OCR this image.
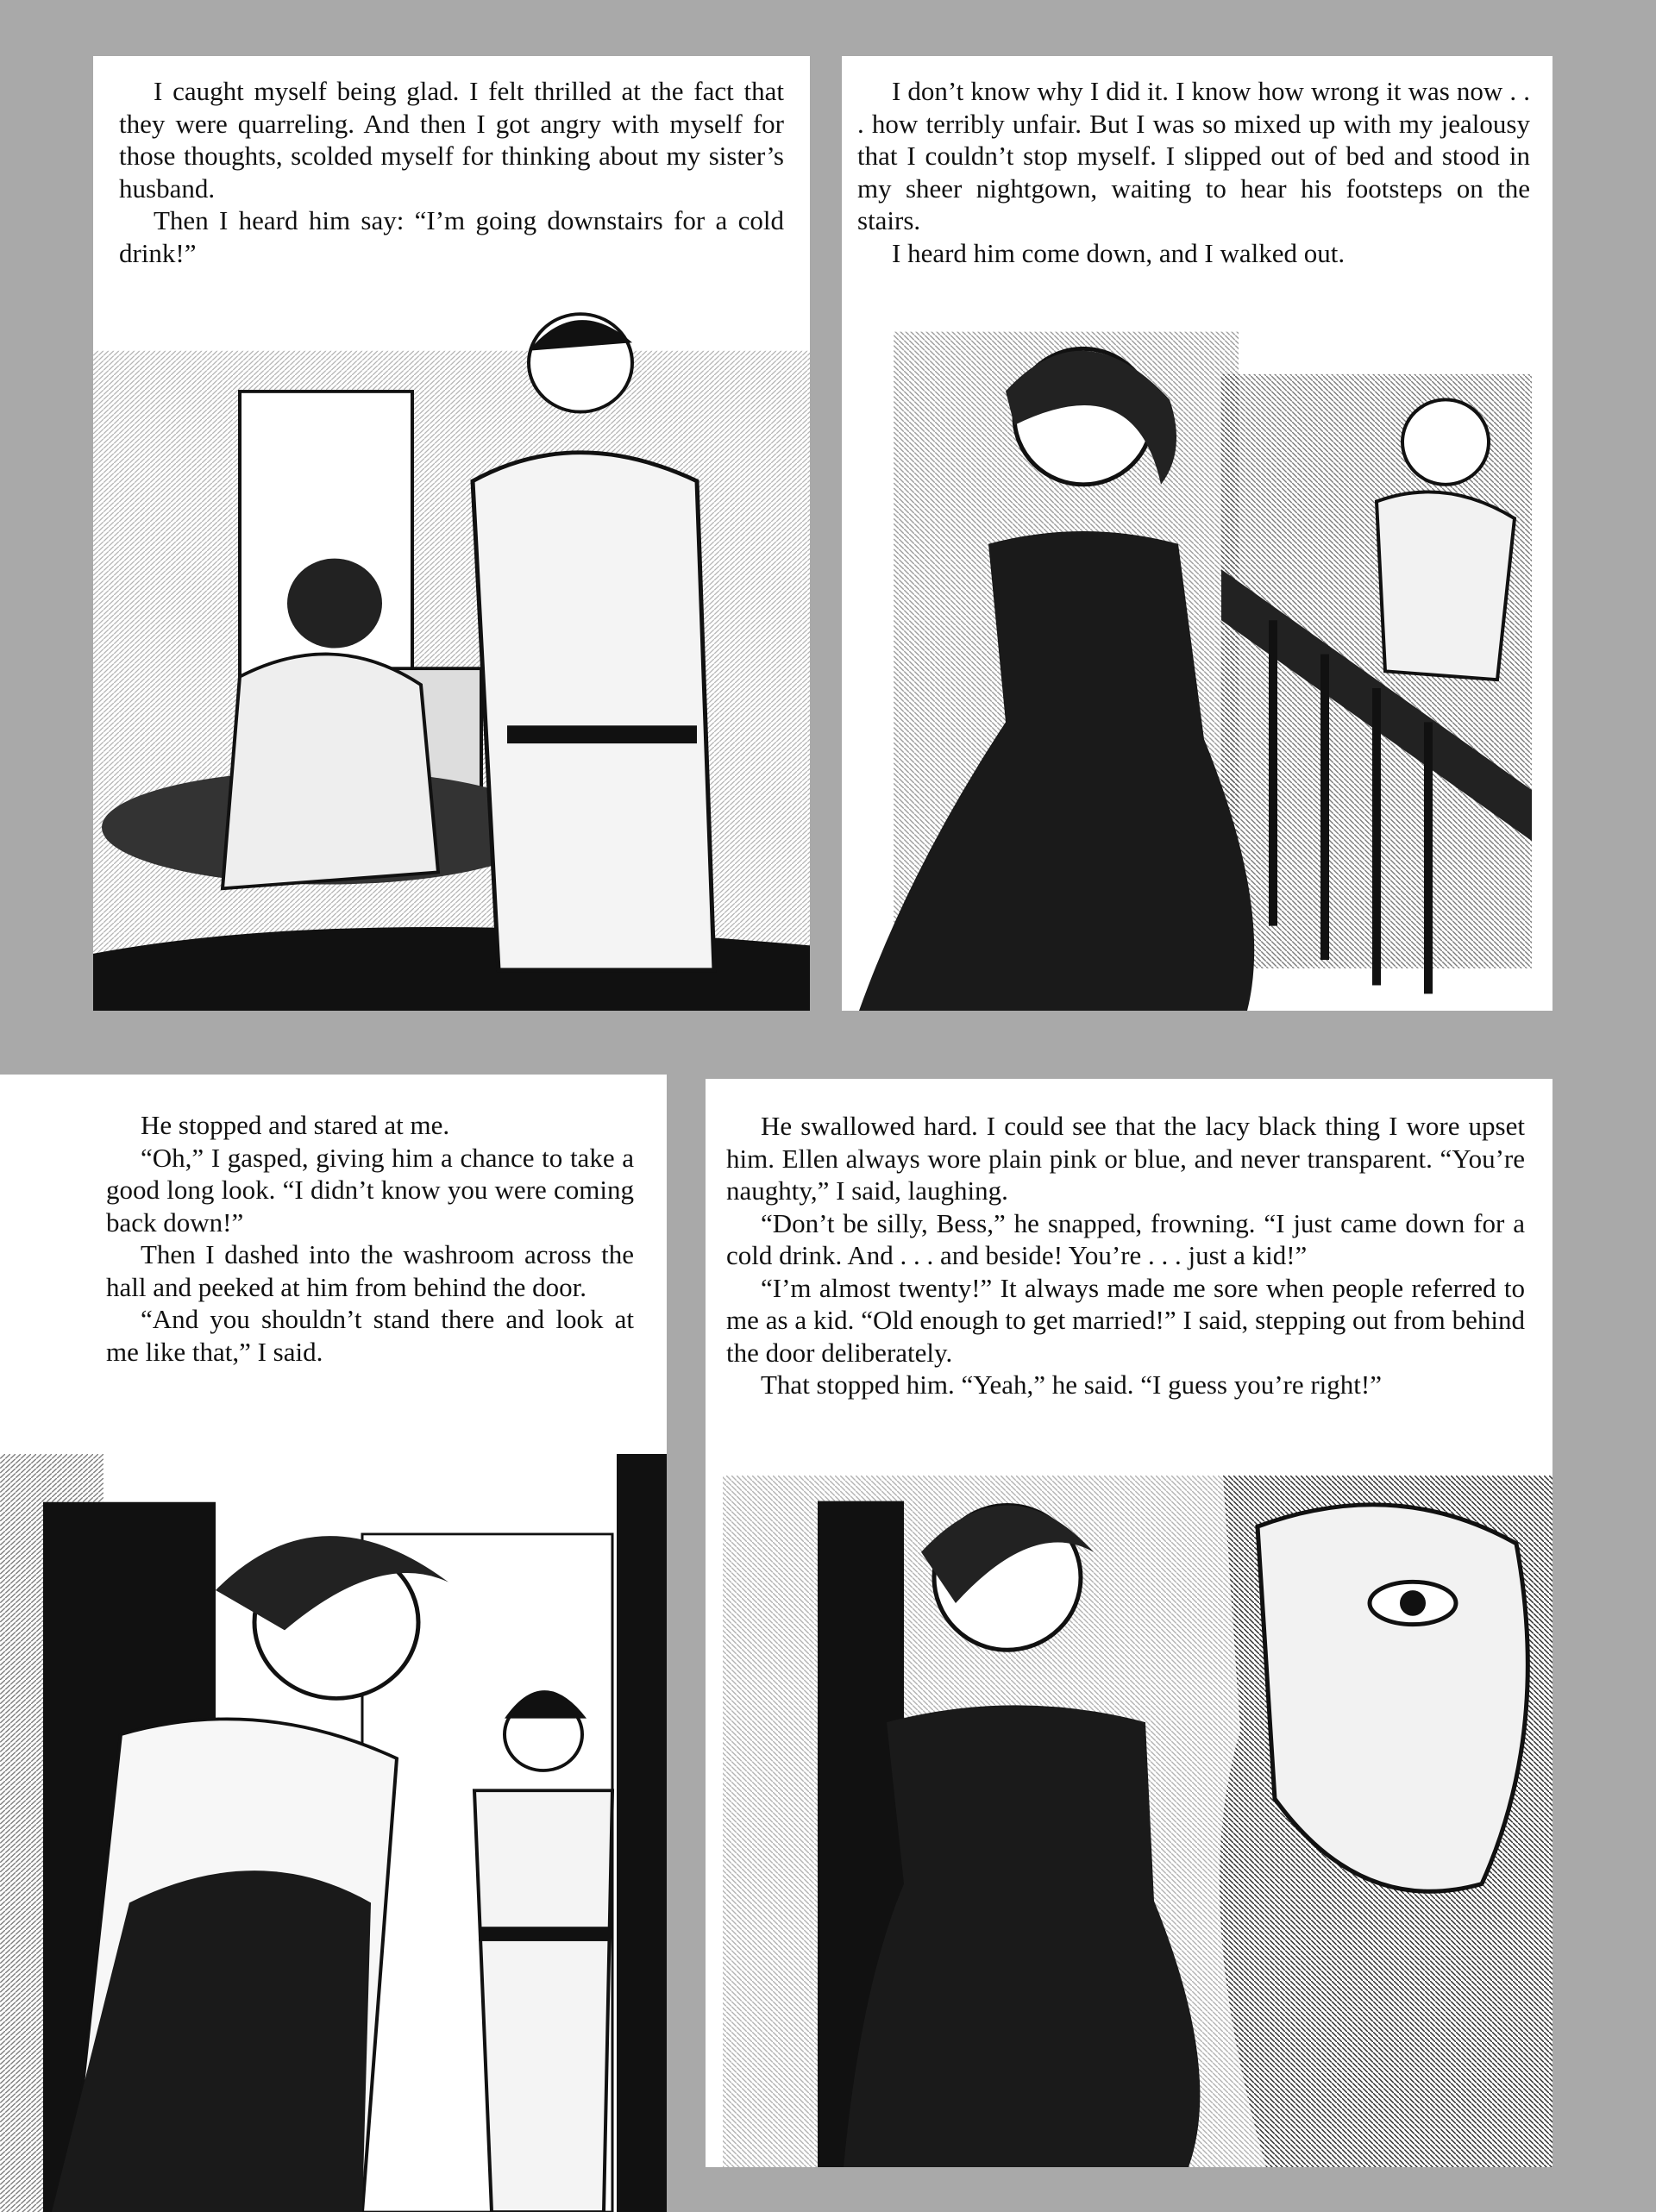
I caught myself being glad. I felt thrilled at the fact that they were quarreling. And then I got angry with myself for those thoughts, scolded myself for thinking about my sister’s husband.

Then I heard him say: “I’m going downstairs for a cold drink!”

I don’t know why I did it. I know how wrong it was now . . . how terribly unfair. But I was so mixed up with my jealousy that I couldn’t stop myself. I slipped out of bed and stood in my sheer nightgown, waiting to hear his footsteps on the stairs.

I heard him come down, and I walked out.

He stopped and stared at me.

“Oh,” I gasped, giving him a chance to take a good long look. “I didn’t know you were coming back down!”

Then I dashed into the washroom across the hall and peeked at him from behind the door.

“And you shouldn’t stand there and look at me like that,” I said.

He swallowed hard. I could see that the lacy black thing I wore upset him. Ellen always wore plain pink or blue, and never transparent. “You’re naughty,” I said, laughing.

“Don’t be silly, Bess,” he snapped, frowning. “I just came down for a cold drink. And . . . and beside! You’re . . . just a kid!”

“I’m almost twenty!” It always made me sore when people referred to me as a kid. “Old enough to get married!” I said, stepping out from behind the door deliberately.

That stopped him. “Yeah,” he said. “I guess you’re right!”
